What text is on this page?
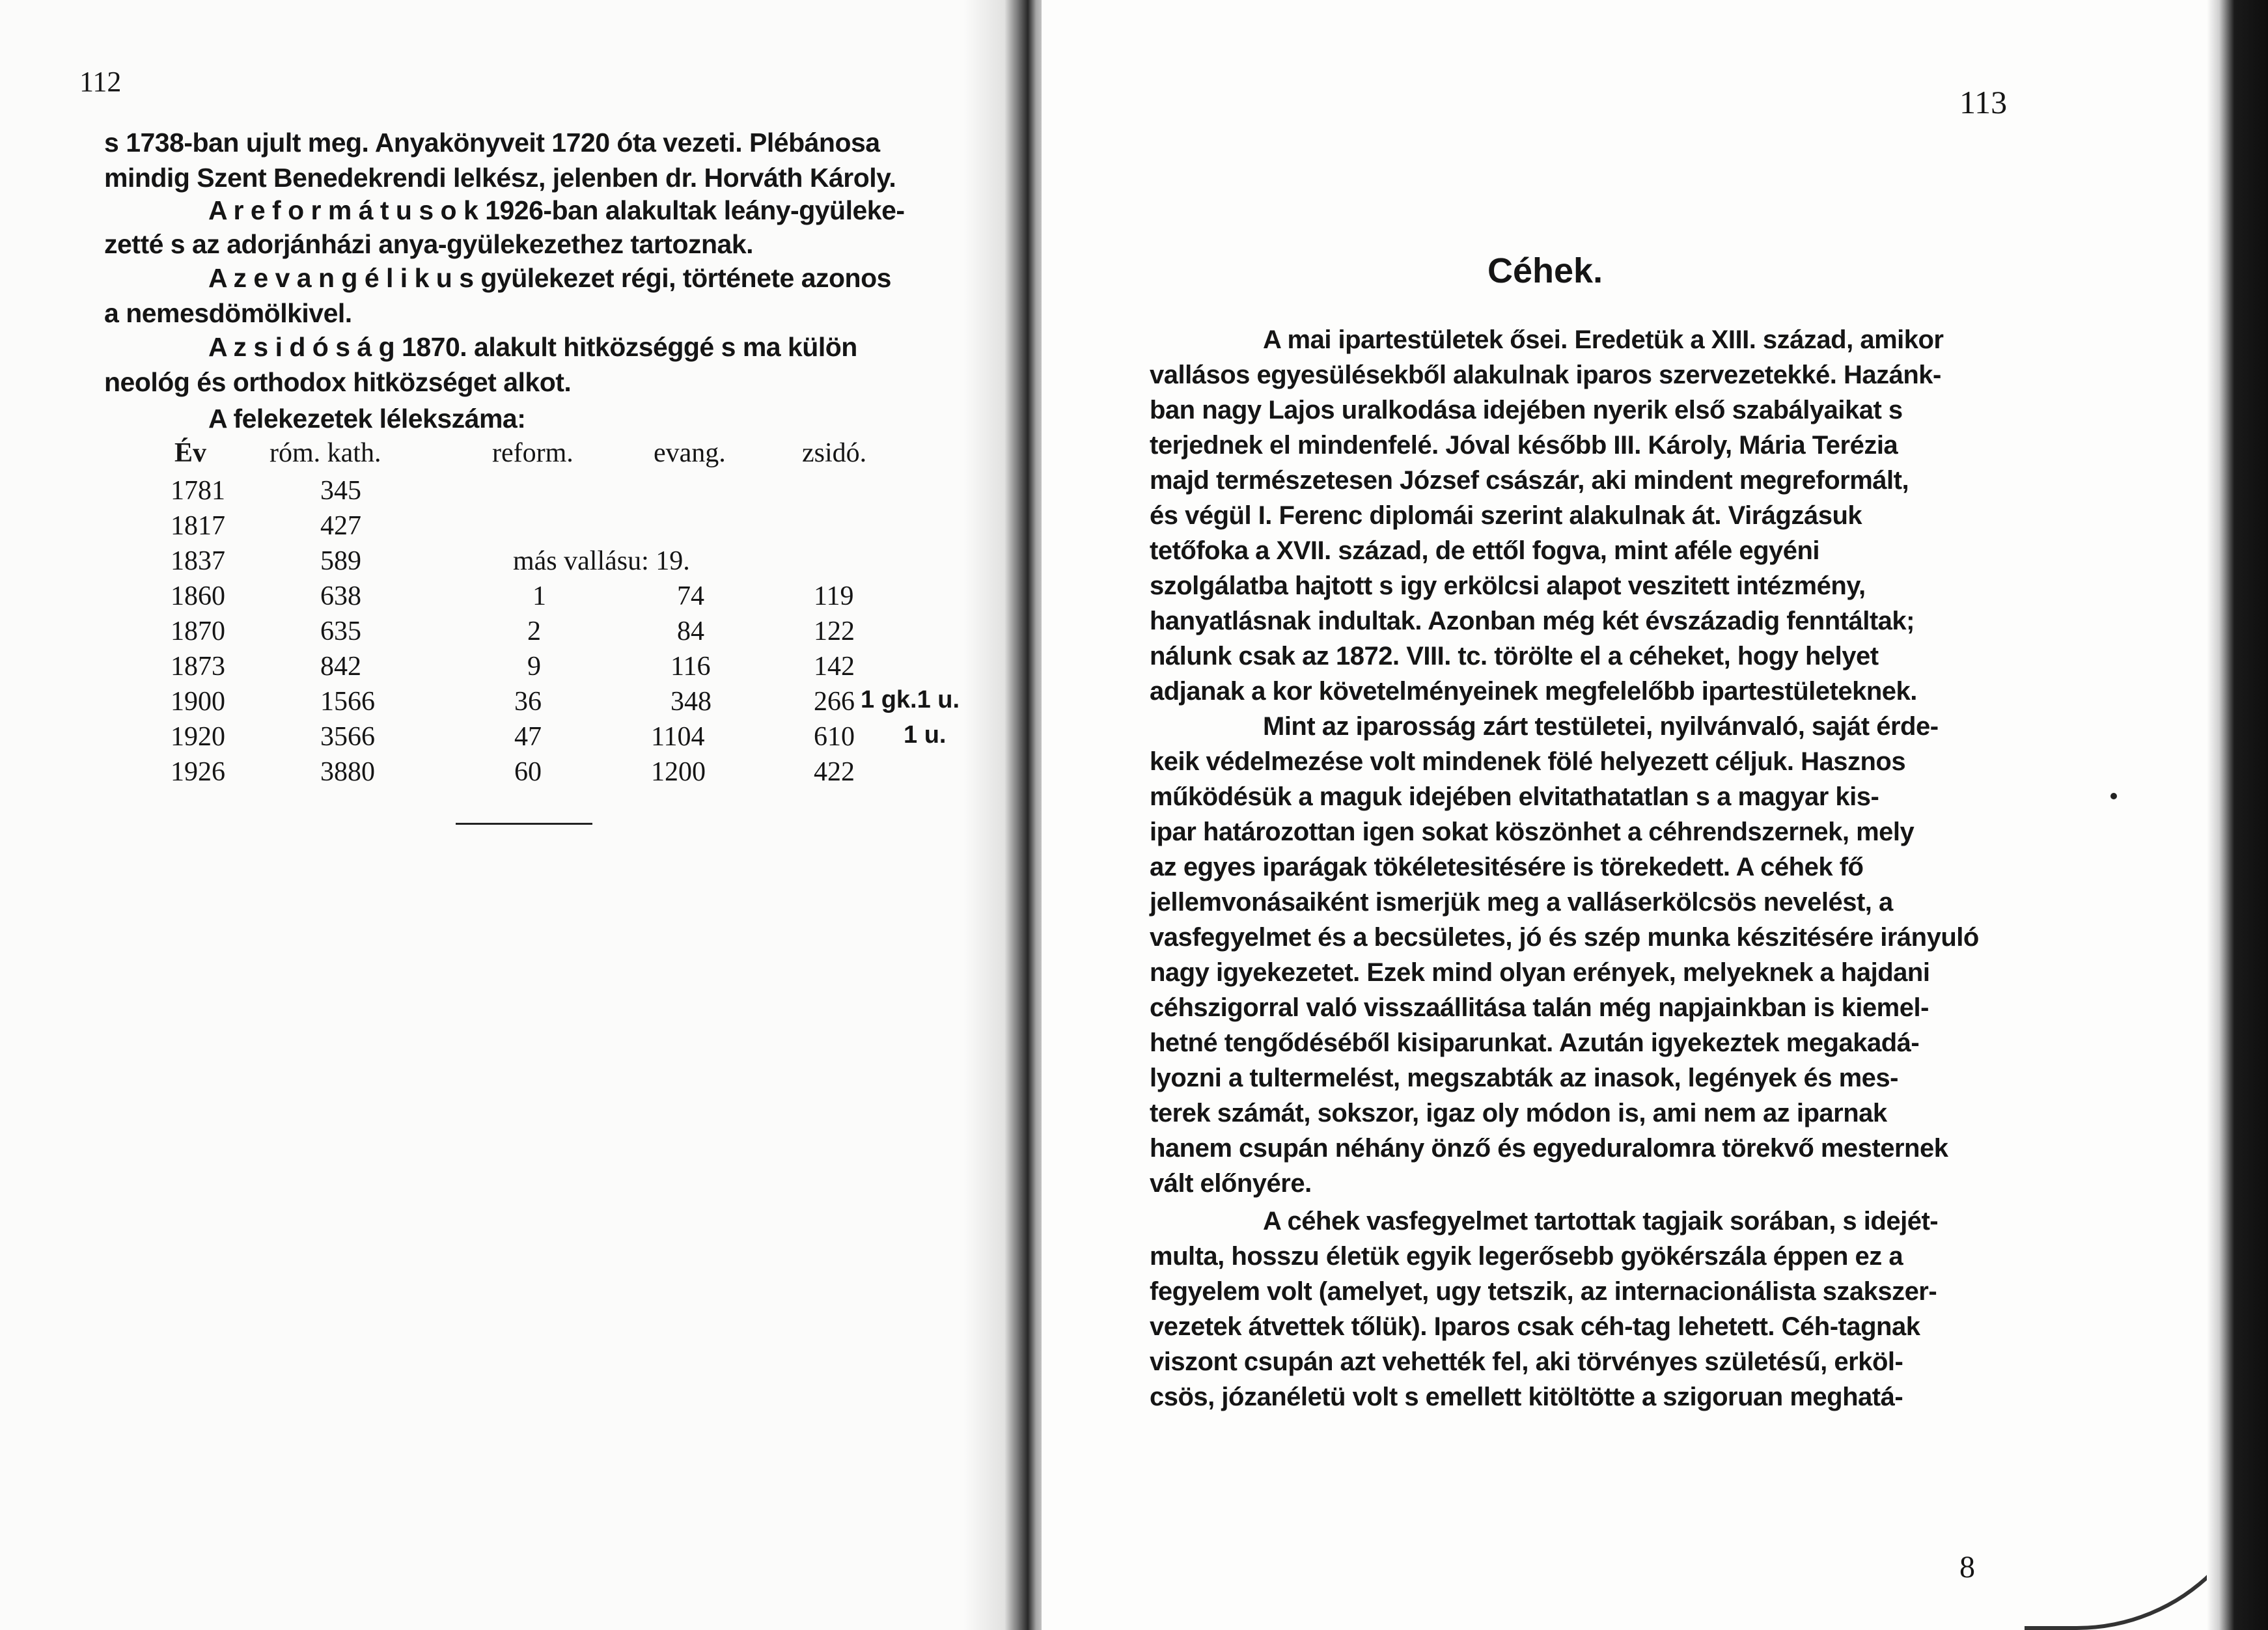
112
s 1738-ban ujult meg. Anyakönyveit 1720 óta vezeti. Plébánosa
mindig Szent Benedekrendi lelkész, jelenben dr. Horváth Károly.
A r e f o r m á t u s o k 1926-ban alakultak leány-gyüleke-
zetté s az adorjánházi anya-gyülekezethez tartoznak.
A z e v a n g é l i k u s gyülekezet régi, története azonos
a nemesdömölkivel.
A z s i d ó s á g 1870. alakult hitközséggé s ma külön
neológ és orthodox hitközséget alkot.
A felekezetek lélekszáma:
Év róm. kath.	reform.	evang.	zsidó.
1781	345
1817	427
1837	589	más vallásu: 19.
1860	638	1	74	119
1870	635	2	84	122
1873	842	9	116	142
1900	1566	36	348	266 1 gk.1 u.
1920	3566	47	1104	610 1 u.
1926	3880	60	1200	422
113
Céhek.
A mai ipartestületek ősei. Eredetük a XIII. század, amikor
vallásos egyesülésekből alakulnak iparos szervezetekké. Hazánk-
ban nagy Lajos uralkodása idejében nyerik első szabályaikat s
terjednek el mindenfelé. Jóval később III. Károly, Mária Terézia
majd természetesen József császár, aki mindent megreformált,
és végül I. Ferenc diplomái szerint alakulnak át. Virágzásuk
tetőfoka a XVII. század, de ettől fogva, mint aféle egyéni
szolgálatba hajtott s igy erkölcsi alapot veszitett intézmény,
hanyatlásnak indultak. Azonban még két évszázadig fenntáltak;
nálunk csak az 1872. VIII. tc. törölte el a céheket, hogy helyet
adjanak a kor követelményeinek megfelelőbb ipartestületeknek.
Mint az iparosság zárt testületei, nyilvánvaló, saját érde-
keik védelmezése volt mindenek fölé helyezett céljuk. Hasznos
működésük a maguk idejében elvitathatatlan s a magyar kis-
ipar határozottan igen sokat köszönhet a céhrendszernek, mely
az egyes iparágak tökéletesitésére is törekedett. A céhek fő
jellemvonásaiként ismerjük meg a valláserkölcsös nevelést, a
vasfegyelmet és a becsületes, jó és szép munka készitésére irányuló
nagy igyekezetet. Ezek mind olyan erények, melyeknek a hajdani
céhszigorral való visszaállitása talán még napjainkban is kiemel-
hetné tengődéséből kisiparunkat. Azután igyekeztek megakadá-
lyozni a tultermelést, megszabták az inasok, legények és mes-
terek számát, sokszor, igaz oly módon is, ami nem az iparnak
hanem csupán néhány önző és egyeduralomra törekvő mesternek
vált előnyére.
A céhek vasfegyelmet tartottak tagjaik sorában, s idejét-
multa, hosszu életük egyik legerősebb gyökérszála éppen ez a
fegyelem volt (amelyet, ugy tetszik, az internacionálista szakszer-
vezetek átvettek tőlük). Iparos csak céh-tag lehetett. Céh-tagnak
viszont csupán azt vehették fel, aki törvényes születésű, erköl-
csös, józanéletü volt s emellett kitöltötte a szigoruan meghatá-
8
